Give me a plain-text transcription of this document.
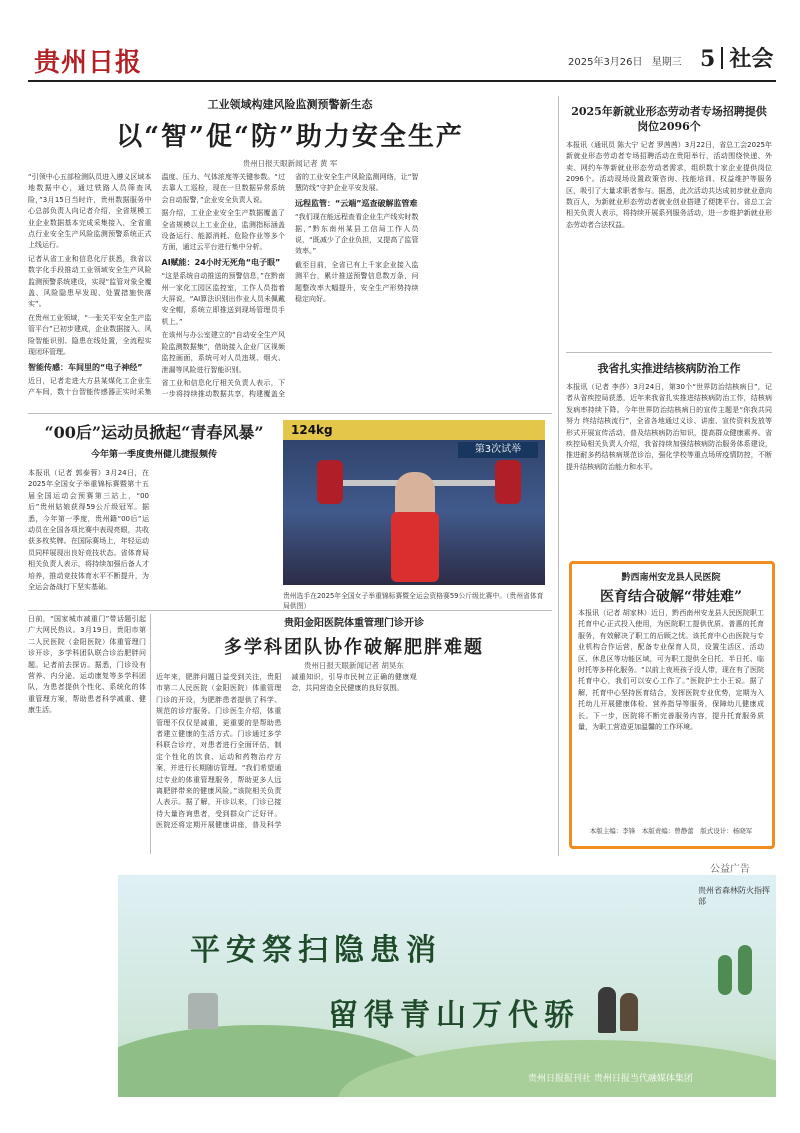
贵州日报	2025年3月26日 星期三 5 社会
工业领域构建风险监测预警新生态
以“智”促“防”助力安全生产
贵州日报天眼新闻记者 黄 军

“引领中心五部检测队员进入遵义区域本地数据中心，通过铁路人员筛查风险，”3月15日当时许，贵州数据服务中心总部负责人向记者介绍，全省规模工业企业数据基本完成采集接入，全省重点行业安全生产风险监测预警系统正式上线运行。

记者从省工业和信息化厅获悉，我省以数字化手段推动工业领域安全生产风险监测预警系统建设，实现“监管对象全覆盖、风险隐患早发现、处置措施快落实”。

在贵州工业领域，“一张关平安全生产监管平台”已初步建成，企业数据接入、风险智能识别、隐患在线处置，全流程实现闭环管理。

智能传感：车间里的“电子神经”

近日，记者走进大方县某煤化工企业生产车间，数十台智能传感器正实时采集温度、压力、气体浓度等关键参数。“过去靠人工巡检，现在一旦数据异常系统会自动报警，”企业安全负责人说。

据介绍，工业企业安全生产数据覆盖了全省规模以上工业企业，监测指标涵盖设备运行、能源消耗、危险作业等多个方面，通过云平台进行集中分析。

AI赋能：24小时无死角“电子眼”

“这是系统自动推送的预警信息，”在黔南州一家化工园区监控室，工作人员指着大屏说，“AI算法识别出作业人员未佩戴安全帽，系统立即推送到现场管理员手机上。”

在该州与办公室建立的“自动安全生产风险监测数据集”，借助接入企业厂区视频监控画面，系统可对人员违规、烟火、泄漏等风险进行智能识别。

省工业和信息化厅相关负责人表示，下一步将持续推动数据共享，构建覆盖全省的工业安全生产风险监测网络，让“智慧防线”守护企业平安发展。

远程监管：“云端”巡查破解监管难

“我们现在能远程查看企业生产线实时数据，”黔东南州某县工信局工作人员说，“既减少了企业负担，又提高了监管效率。”

截至目前，全省已有上千家企业接入监测平台，累计推送预警信息数万条，问题整改率大幅提升，安全生产形势持续稳定向好。

2025年新就业形态劳动者专场招聘提供岗位2096个
本报讯（通讯员 陈大宁 记者 罗茜茜）3月22日，省总工会2025年新就业形态劳动者专场招聘活动在贵阳举行，活动围绕快递、外卖、网约车等新就业形态劳动者需求，组织数十家企业提供岗位2096个。活动现场设置政策咨询、技能培训、权益维护等服务区，吸引了大量求职者参与。据悉，此次活动共达成初步就业意向数百人，为新就业形态劳动者就业创业搭建了便捷平台。省总工会相关负责人表示，将持续开展系列服务活动，进一步维护新就业形态劳动者合法权益。
我省扎实推进结核病防治工作
本报讯（记者 李莎）3月24日，第30个“世界防治结核病日”，记者从省疾控局获悉，近年来我省扎实推进结核病防治工作，结核病发病率持续下降。今年世界防治结核病日的宣传主题是“你我共同努力 终结结核流行”，全省各地通过义诊、讲座、宣传资料发放等形式开展宣传活动，普及结核病防治知识，提高群众健康素养。省疾控局相关负责人介绍，我省持续加强结核病防治服务体系建设，推进耐多药结核病规范诊治，强化学校等重点场所疫情防控，不断提升结核病防治能力和水平。
“00后”运动员掀起“青春风暴”
今年第一季度贵州健儿捷报频传
本报讯（记者 郭泰蓉）3月24日，在2025年全国女子举重锦标赛暨第十五届全国运动会预赛第三站上，“00后”贵州姑娘获得59公斤级冠军。据悉，今年第一季度，贵州籍“00后”运动员在全国各项比赛中表现亮眼，共收获多枚奖牌。在国际赛场上，年轻运动员同样展现出良好竞技状态。省体育局相关负责人表示，将持续加强后备人才培养，推动竞技体育水平不断提升，为全运会备战打下坚实基础。
124kg
第3次试举
贵州选手在2025年全国女子举重锦标赛暨全运会资格赛59公斤级比赛中。（贵州省体育局供图）
日前，“国家城市减重门”带话题引起广大网民热议。3月19日，贵阳市第二人民医院（金阳医院）体重管理门诊开诊，多学科团队联合诊治肥胖问题。记者前去探访。据悉，门诊设有营养、内分泌、运动康复等多学科团队，为患者提供个性化、系统化的体重管理方案，帮助患者科学减重、健康生活。
贵阳金阳医院体重管理门诊开诊
多学科团队协作破解肥胖难题
贵州日报天眼新闻记者 胡昊东
近年来，肥胖问题日益受到关注，贵阳市第二人民医院（金阳医院）体重管理门诊的开设，为肥胖患者提供了科学、规范的诊疗服务。门诊医生介绍，体重管理不仅仅是减重，更重要的是帮助患者建立健康的生活方式。门诊通过多学科联合诊疗，对患者进行全面评估，制定个性化的饮食、运动和药物治疗方案，并进行长期随访管理。“我们希望通过专业的体重管理服务，帮助更多人远离肥胖带来的健康风险。”该院相关负责人表示。据了解，开诊以来，门诊已接待大量咨询患者，受到群众广泛好评。医院还将定期开展健康讲座，普及科学减重知识，引导市民树立正确的健康观念，共同营造全民健康的良好氛围。
黔西南州安龙县人民医院
医育结合破解“带娃难”
本报讯（记者 胡家林）近日，黔西南州安龙县人民医院职工托育中心正式投入使用，为医院职工提供优质、普惠的托育服务，有效解决了职工的后顾之忧。该托育中心由医院与专业机构合作运营，配备专业保育人员，设置生活区、活动区、休息区等功能区域，可为职工提供全日托、半日托、临时托等多样化服务。“以前上夜班孩子没人带，现在有了医院托育中心，我们可以安心工作了。”医院护士小王说。据了解，托育中心坚持医育结合，发挥医院专业优势，定期为入托幼儿开展健康体检、营养指导等服务，保障幼儿健康成长。下一步，医院将不断完善服务内容，提升托育服务质量，为职工营造更加温馨的工作环境。
本版主编：李锋　本版责编：曾静蕾　版式设计：杨晓军
公益广告
贵州省森林防火指挥部
平安祭扫隐患消
留得青山万代骄
贵州日报报刊社 贵州日报当代融媒体集团
